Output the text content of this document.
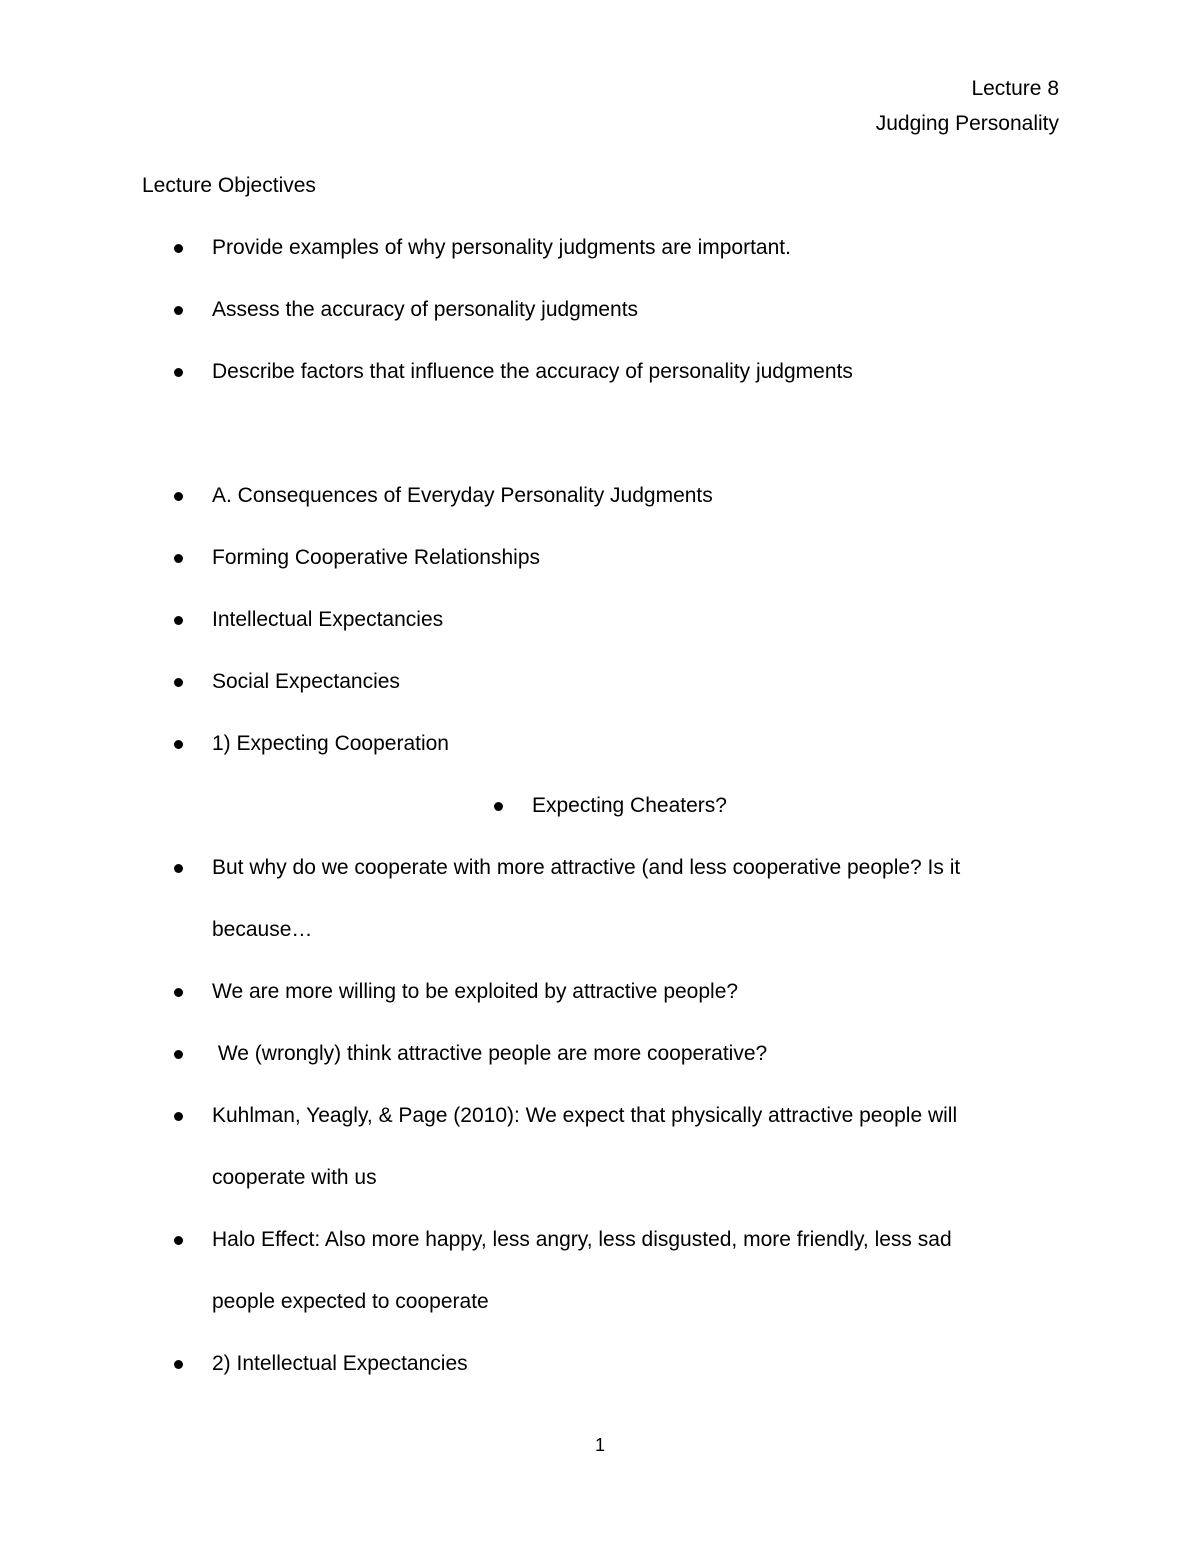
Lecture 8
Judging Personality
Lecture Objectives
Provide examples of why personality judgments are important.
Assess the accuracy of personality judgments
Describe factors that influence the accuracy of personality judgments
A. Consequences of Everyday Personality Judgments
Forming Cooperative Relationships
Intellectual Expectancies
Social Expectancies
1) Expecting Cooperation
Expecting Cheaters?
But why do we cooperate with more attractive (and less cooperative people? Is it
because…
We are more willing to be exploited by attractive people?
We (wrongly) think attractive people are more cooperative?
Kuhlman, Yeagly, & Page (2010): We expect that physically attractive people will
cooperate with us
Halo Effect: Also more happy, less angry, less disgusted, more friendly, less sad
people expected to cooperate
2) Intellectual Expectancies
1
